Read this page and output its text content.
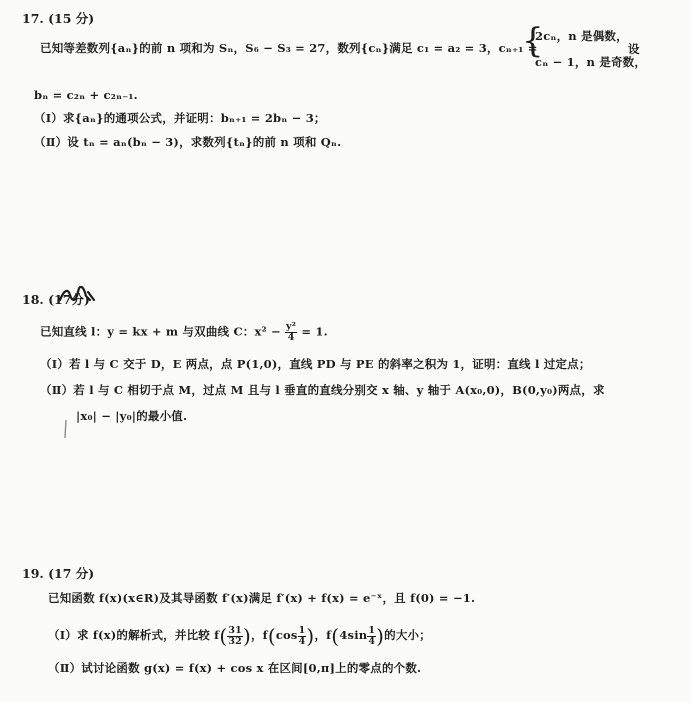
17. (15 分)
已知等差数列{aₙ}的前 n 项和为 Sₙ，S₆ − S₃ = 27，数列{cₙ}满足 c₁ = a₂ = 3，cₙ₊₁ =
{
2cₙ，n 是偶数，
cₙ − 1，n 是奇数，
设
bₙ = c₂ₙ + c₂ₙ₋₁.
（Ⅰ）求{aₙ}的通项公式，并证明：bₙ₊₁ = 2bₙ − 3；
（Ⅱ）设 tₙ = aₙ(bₙ − 3)，求数列{tₙ}的前 n 项和 Qₙ.
18. (17分)
已知直线 l：y = kx + m 与双曲线 C：$x^2 - \frac{\text{y²}}{4} = 1$.
（Ⅰ）若 l 与 C 交于 D，E 两点，点 P(1,0)，直线 PD 与 PE 的斜率之积为 1，证明：直线 l 过定点；
（Ⅱ）若 l 与 C 相切于点 M，过点 M 且与 l 垂直的直线分别交 x 轴、y 轴于 A(x₀,0)，B(0,y₀)两点，求
|x₀| − |y₀|的最小值.
19. (17 分)
已知函数 f(x)(x∈R)及其导函数 f′(x)满足 f′(x) + f(x) = e⁻ˣ，且 f(0) = −1.
（Ⅰ）求 f(x)的解析式，并比较 $f( \frac{31}{32}$ )，$f(\cos \frac{1}{4}$ )，$f(4\sin \frac{1}{4}$ )的大小；
（Ⅱ）试讨论函数 g(x) = f(x) + cos x 在区间[0,π]上的零点的个数.
